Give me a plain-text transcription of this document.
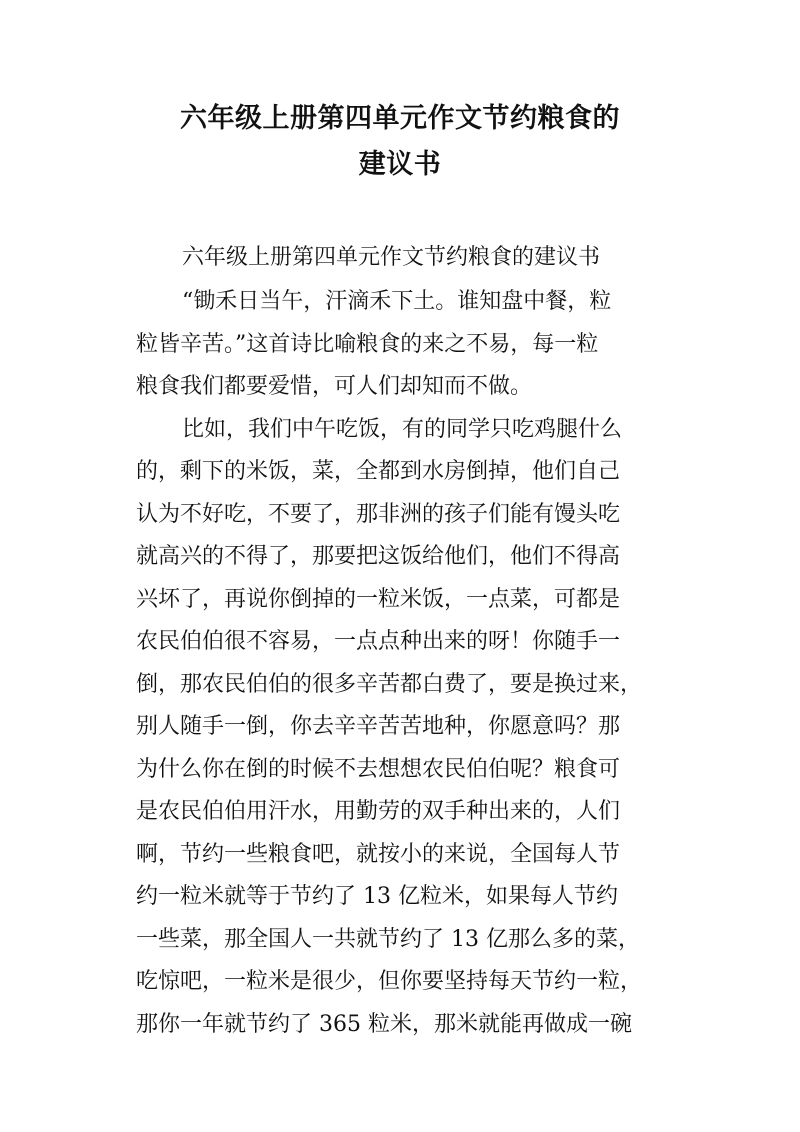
六年级上册第四单元作文节约粮食的
建议书
六年级上册第四单元作文节约粮食的建议书
“锄禾日当午，汗滴禾下土。谁知盘中餐，粒
粒皆辛苦。”这首诗比喻粮食的来之不易，每一粒
粮食我们都要爱惜，可人们却知而不做。
比如，我们中午吃饭，有的同学只吃鸡腿什么
的，剩下的米饭，菜，全都到水房倒掉，他们自己
认为不好吃，不要了，那非洲的孩子们能有馒头吃
就高兴的不得了，那要把这饭给他们，他们不得高
兴坏了，再说你倒掉的一粒米饭，一点菜，可都是
农民伯伯很不容易，一点点种出来的呀！你随手一
倒，那农民伯伯的很多辛苦都白费了，要是换过来，
别人随手一倒，你去辛辛苦苦地种，你愿意吗？那
为什么你在倒的时候不去想想农民伯伯呢？粮食可
是农民伯伯用汗水，用勤劳的双手种出来的，人们
啊，节约一些粮食吧，就按小的来说，全国每人节
约一粒米就等于节约了 13 亿粒米，如果每人节约
一些菜，那全国人一共就节约了 13 亿那么多的菜，
吃惊吧，一粒米是很少，但你要坚持每天节约一粒，
那你一年就节约了 365 粒米，那米就能再做成一碗
